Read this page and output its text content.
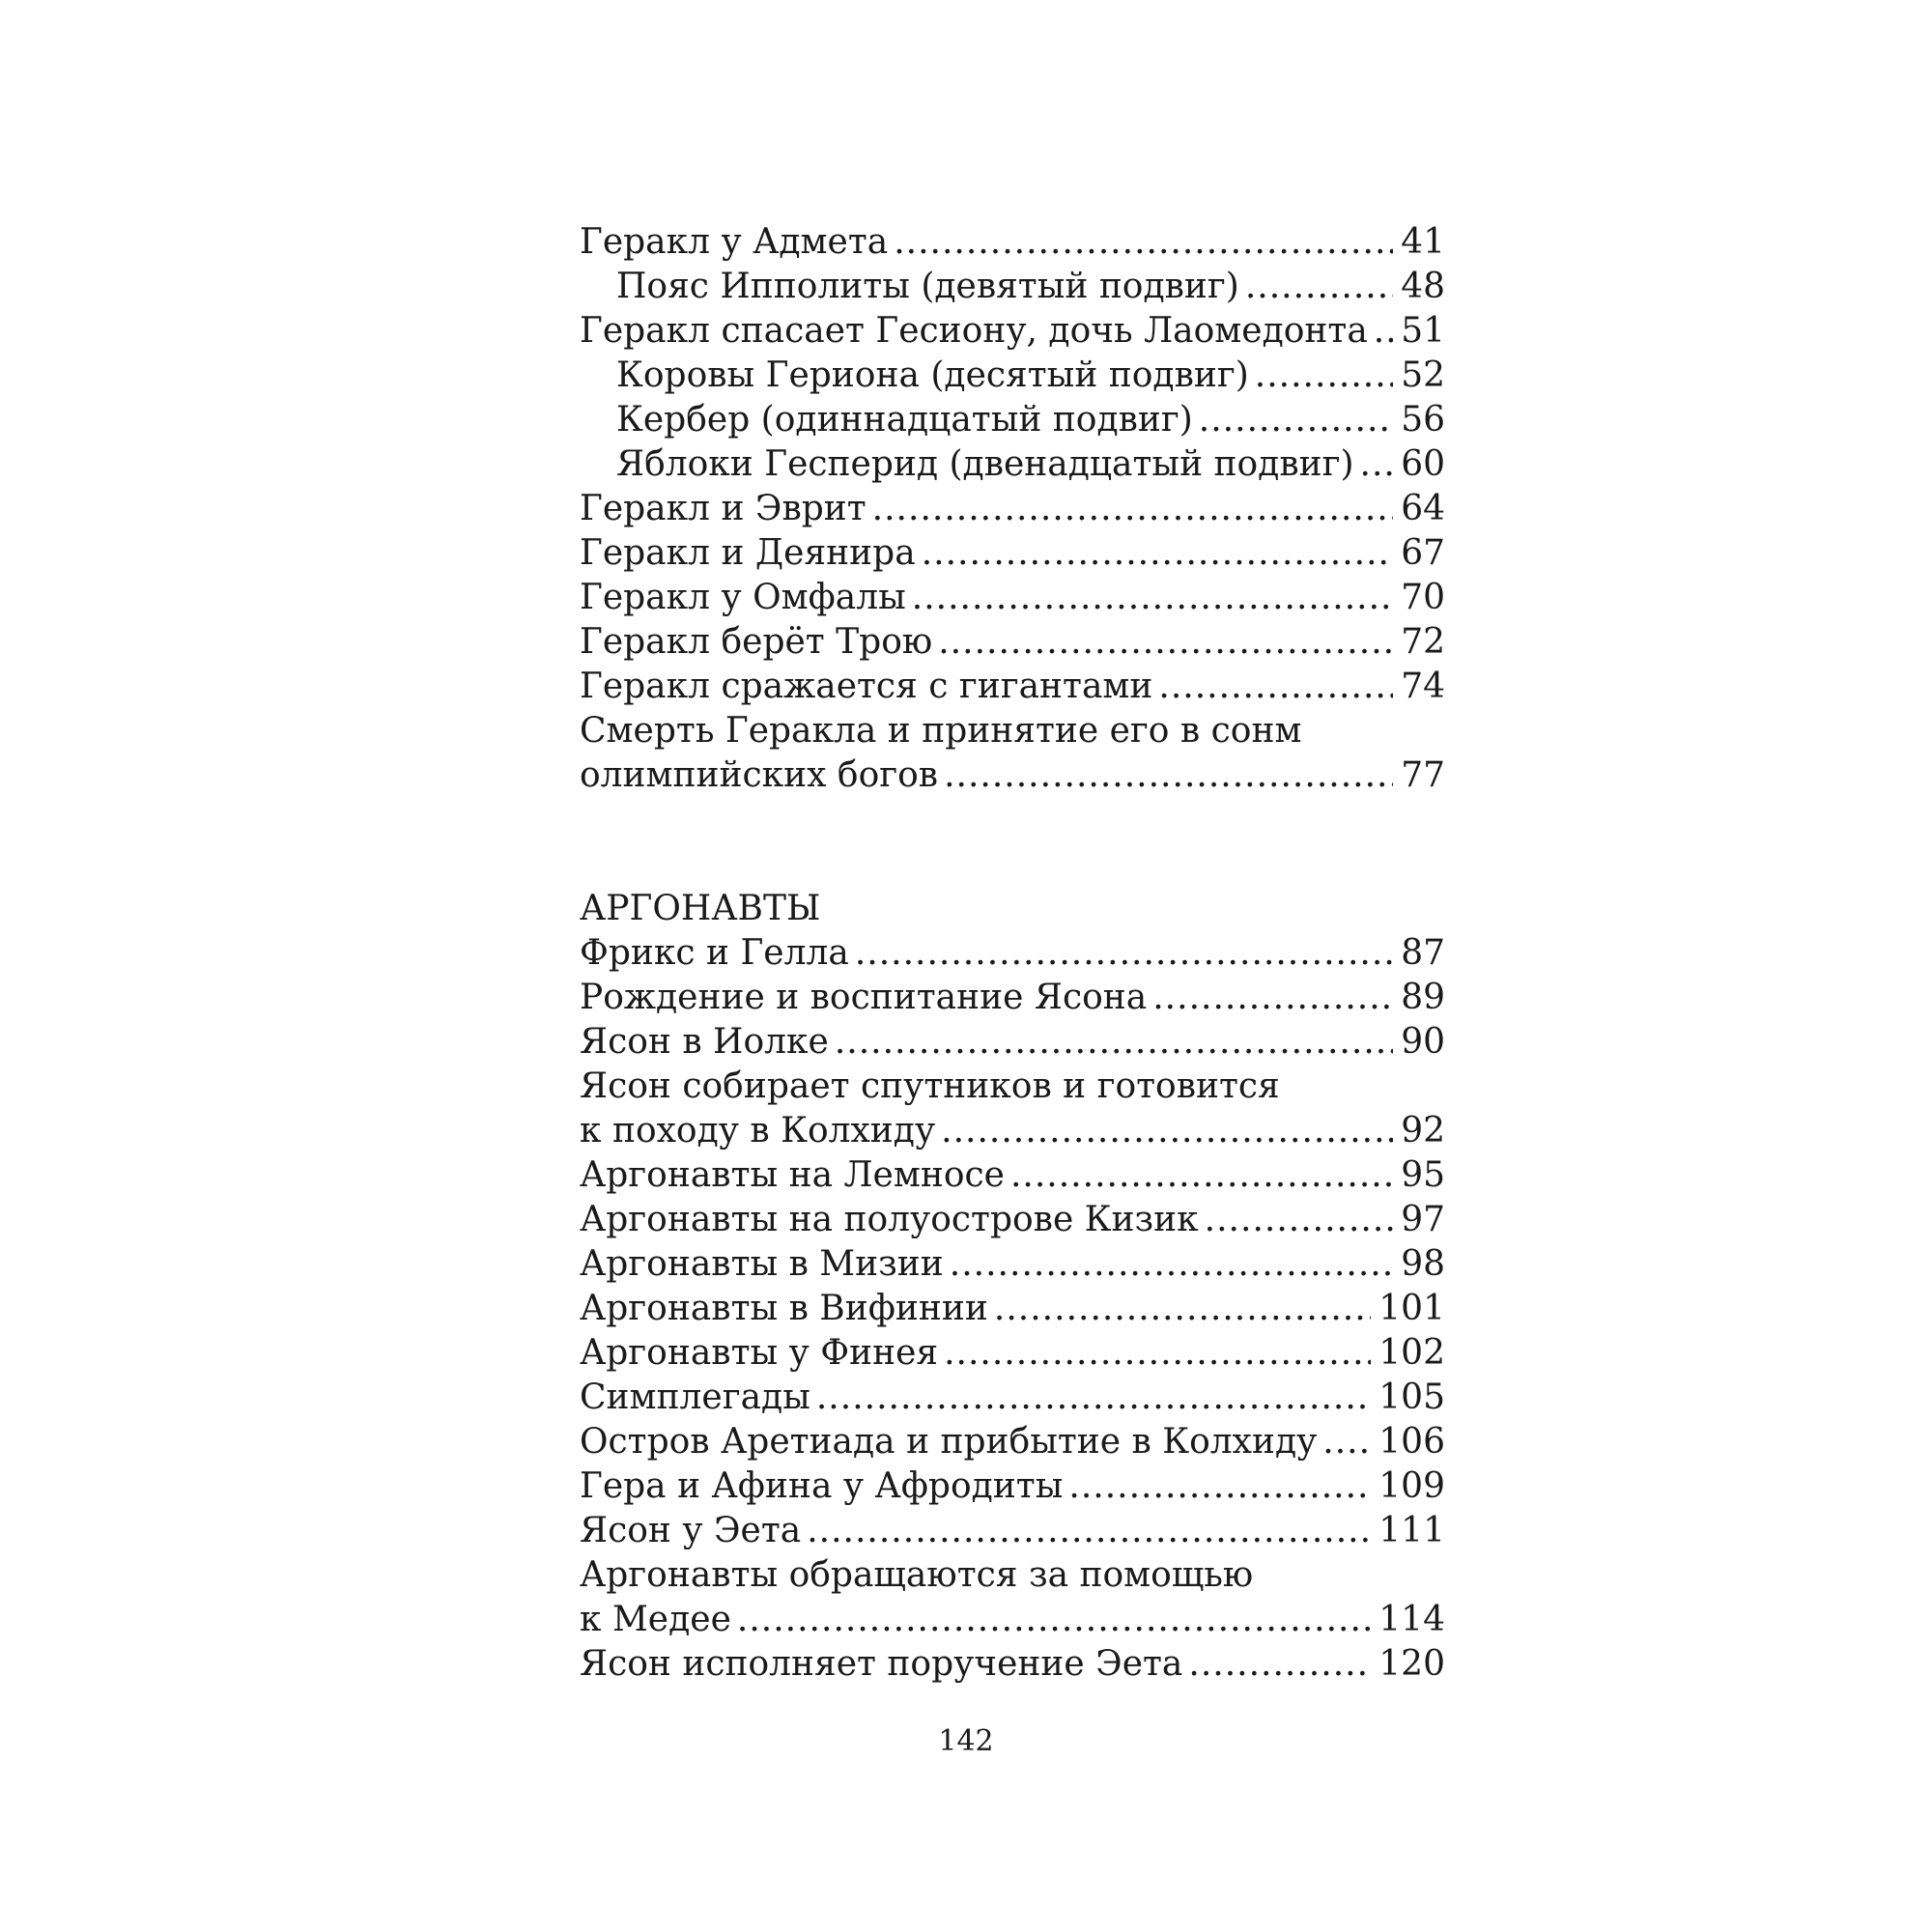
Геракл у Адмета .....	41
Пояс Ипполиты (девятый подвиг) .....	48
Геракл спасает Гесиону, дочь Лаомедонта ..... 51
Коровы Гериона (десятый подвиг) .....	52
Кербер (одиннадцатый подвиг) .....	56
Яблоки Гесперид (двенадцатый подвиг) ..... 60
Геракл и Эврит .....	64
Геракл и Деянира .....	67
Геракл у Омфалы .....	70
Геракл берёт Трою .....	72
Геракл сражается с гигантами .....	74
Смерть Геракла и принятие его в сонм
олимпийских богов .....	77
АРГОНАВТЫ
Фрикс и Гелла .....	87
Рождение и воспитание Ясона .....	89
Ясон в Иолке .....	90
Ясон собирает спутников и готовится
к походу в Колхиду .....	92
Аргонавты на Лемносе .....	95
Аргонавты на полуострове Кизик .....	97
Аргонавты в Мизии .....	98
Аргонавты в Вифинии .....	101
Аргонавты у Финея .....	102
Симплегады .....	105
Остров Аретиада и прибытие в Колхиду ..... 106
Гера и Афина у Афродиты .....	109
Ясон у Эета .....	111
Аргонавты обращаются за помощью
к Медее .....	114
Ясон исполняет поручение Эета .....	120
142
